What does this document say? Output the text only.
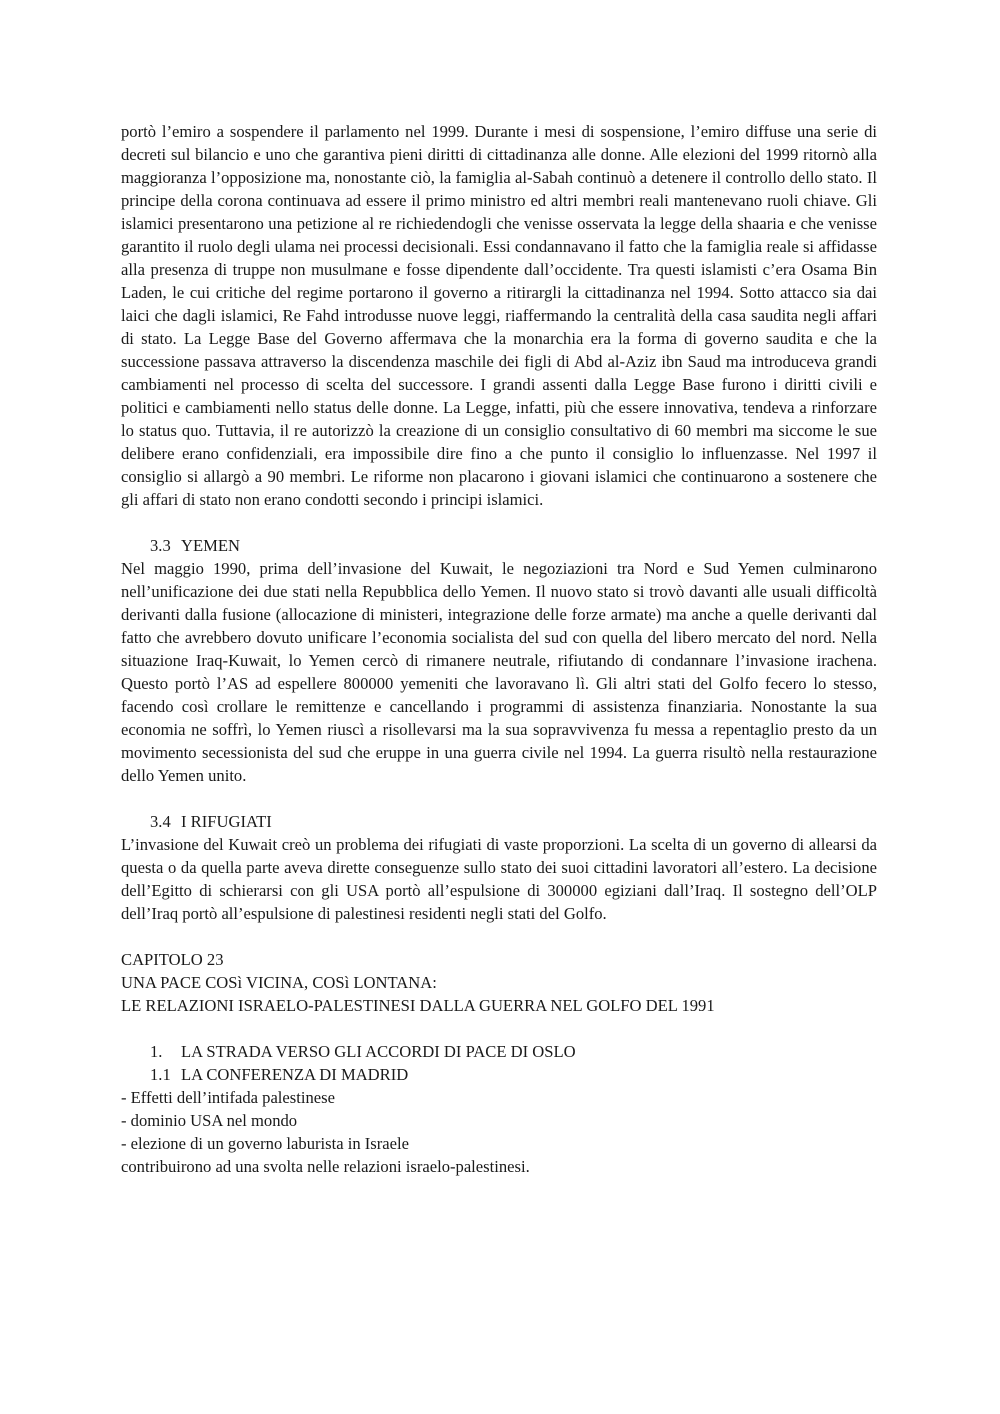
portò l’emiro a sospendere il parlamento nel 1999. Durante i mesi di sospensione, l’emiro diffuse una serie di decreti sul bilancio e uno che garantiva pieni diritti di cittadinanza alle donne. Alle elezioni del 1999 ritornò alla maggioranza l’opposizione ma, nonostante ciò, la famiglia al-Sabah continuò a detenere il controllo dello stato. Il principe della corona continuava ad essere il primo ministro ed altri membri reali mantenevano ruoli chiave. Gli islamici presentarono una petizione al re richiedendogli che venisse osservata la legge della shaaria e che venisse garantito il ruolo degli ulama nei processi decisionali. Essi condannavano il fatto che la famiglia reale si affidasse alla presenza di truppe non musulmane e fosse dipendente dall’occidente. Tra questi islamisti c’era Osama Bin Laden, le cui critiche del regime portarono il governo a ritirargli la cittadinanza nel 1994. Sotto attacco sia dai laici che dagli islamici, Re Fahd introdusse nuove leggi, riaffermando la centralità della casa saudita negli affari di stato. La Legge Base del Governo affermava che la monarchia era la forma di governo saudita e che la successione passava attraverso la discendenza maschile dei figli di Abd al-Aziz ibn Saud ma introduceva grandi cambiamenti nel processo di scelta del successore. I grandi assenti dalla Legge Base furono i diritti civili e politici e cambiamenti nello status delle donne. La Legge, infatti, più che essere innovativa, tendeva a rinforzare lo status quo. Tuttavia, il re autorizzò la creazione di un consiglio consultativo di 60 membri ma siccome le sue delibere erano confidenziali, era impossibile dire fino a che punto il consiglio lo influenzasse. Nel 1997 il consiglio si allargò a 90 membri. Le riforme non placarono i giovani islamici che continuarono a sostenere che gli affari di stato non erano condotti secondo i principi islamici.

3.3 YEMEN

Nel maggio 1990, prima dell’invasione del Kuwait, le negoziazioni tra Nord e Sud Yemen culminarono nell’unificazione dei due stati nella Repubblica dello Yemen. Il nuovo stato si trovò davanti alle usuali difficoltà derivanti dalla fusione (allocazione di ministeri, integrazione delle forze armate) ma anche a quelle derivanti dal fatto che avrebbero dovuto unificare l’economia socialista del sud con quella del libero mercato del nord. Nella situazione Iraq-Kuwait, lo Yemen cercò di rimanere neutrale, rifiutando di condannare l’invasione irachena. Questo portò l’AS ad espellere 800000 yemeniti che lavoravano lì. Gli altri stati del Golfo fecero lo stesso, facendo così crollare le remittenze e cancellando i programmi di assistenza finanziaria. Nonostante la sua economia ne soffrì, lo Yemen riuscì a risollevarsi ma la sua sopravvivenza fu messa a repentaglio presto da un movimento secessionista del sud che eruppe in una guerra civile nel 1994. La guerra risultò nella restaurazione dello Yemen unito.

3.4 I RIFUGIATI

L’invasione del Kuwait creò un problema dei rifugiati di vaste proporzioni. La scelta di un governo di allearsi da questa o da quella parte aveva dirette conseguenze sullo stato dei suoi cittadini lavoratori all’estero. La decisione dell’Egitto di schierarsi con gli USA portò all’espulsione di 300000 egiziani dall’Iraq. Il sostegno dell’OLP dell’Iraq portò all’espulsione di palestinesi residenti negli stati del Golfo.

CAPITOLO 23

UNA PACE COSì VICINA, COSì LONTANA:

LE RELAZIONI ISRAELO-PALESTINESI DALLA GUERRA NEL GOLFO DEL 1991

1. LA STRADA VERSO GLI ACCORDI DI PACE DI OSLO

1.1 LA CONFERENZA DI MADRID

- Effetti dell’intifada palestinese

- dominio USA nel mondo

- elezione di un governo laburista in Israele

contribuirono ad una svolta nelle relazioni israelo-palestinesi.
